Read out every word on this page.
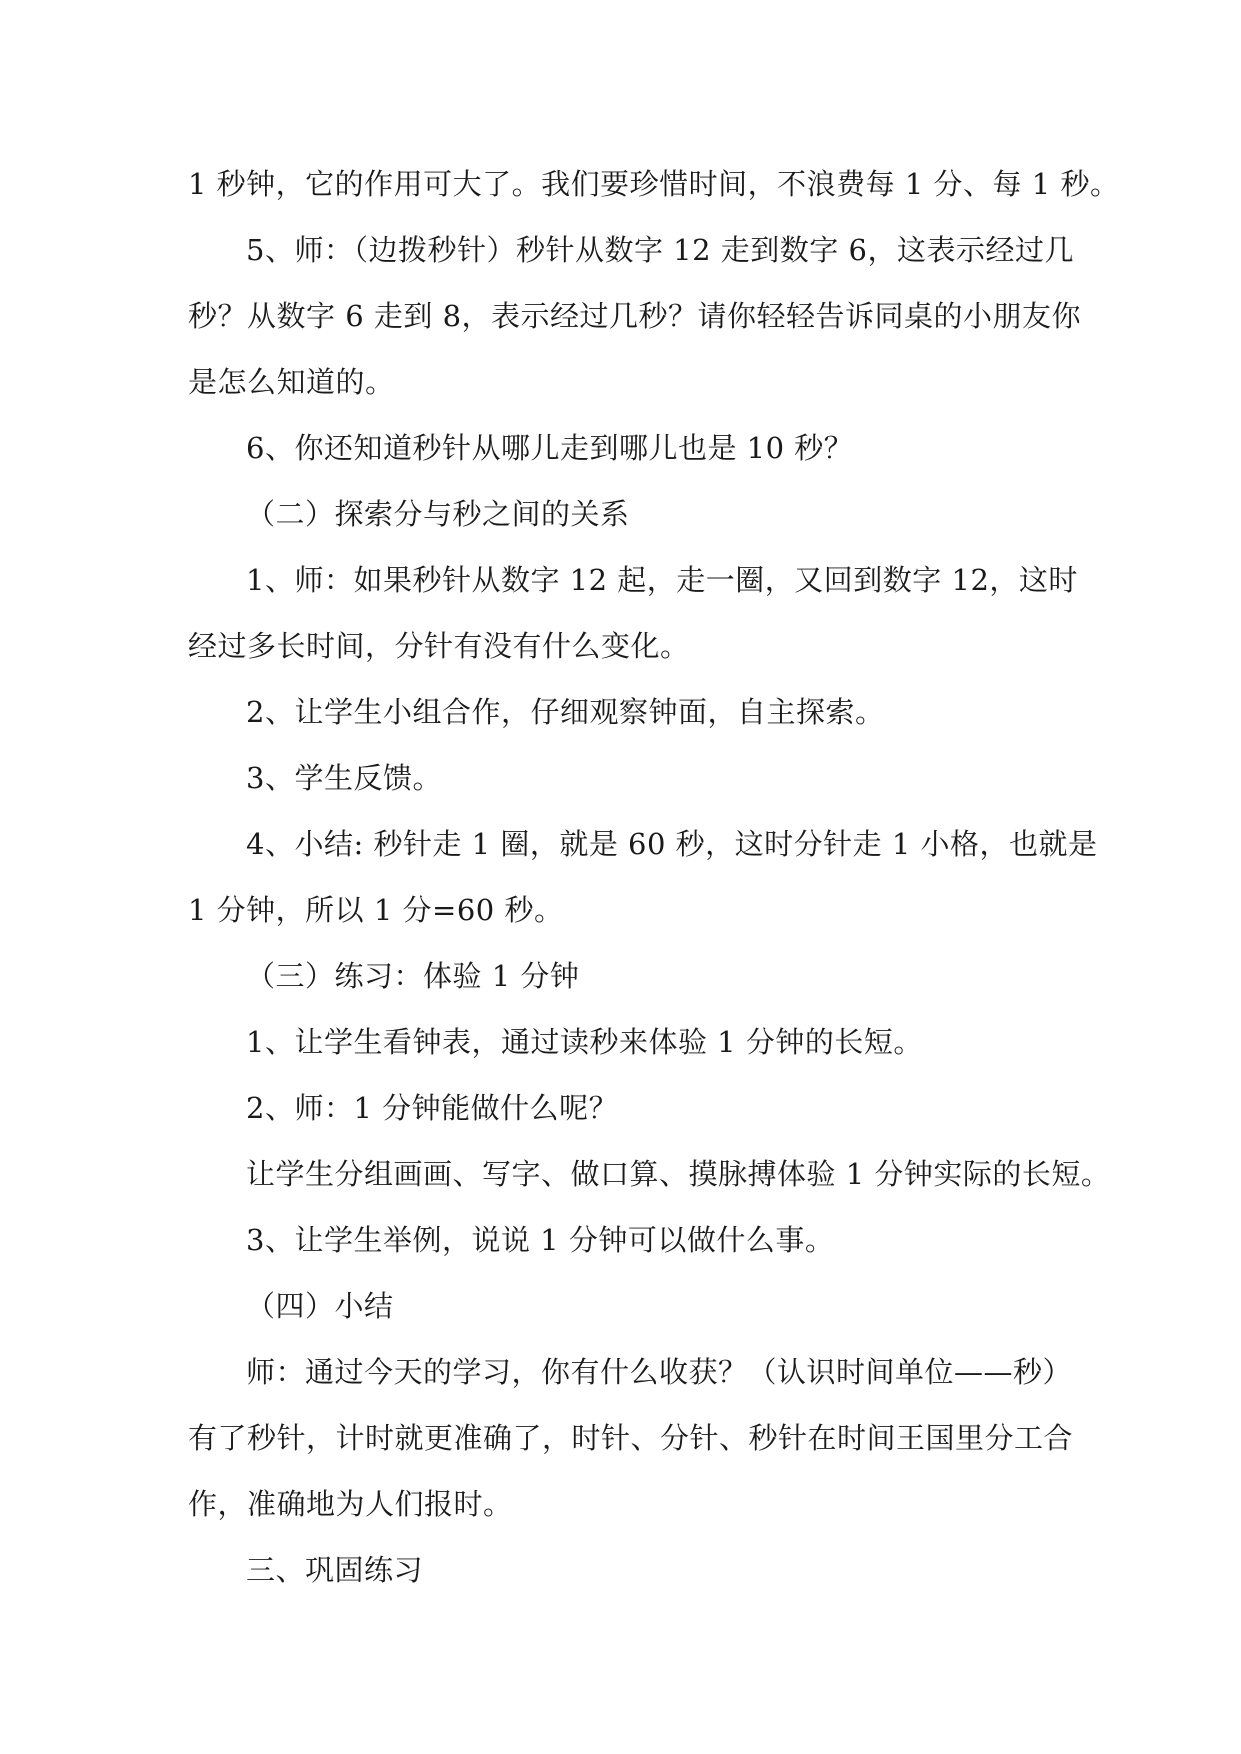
1 秒钟，它的作用可大了。我们要珍惜时间，不浪费每 1 分、每 1 秒。
5、师：（边拨秒针）秒针从数字 12 走到数字 6，这表示经过几
秒？从数字 6 走到 8，表示经过几秒？请你轻轻告诉同桌的小朋友你
是怎么知道的。
6、你还知道秒针从哪儿走到哪儿也是 10 秒？
（二）探索分与秒之间的关系
1、师：如果秒针从数字 12 起，走一圈，又回到数字 12，这时
经过多长时间，分针有没有什么变化。
2、让学生小组合作，仔细观察钟面，自主探索。
3、学生反馈。
4、小结: 秒针走 1 圈，就是 60 秒，这时分针走 1 小格，也就是
1 分钟，所以 1 分=60 秒。
（三）练习：体验 1 分钟
1、让学生看钟表，通过读秒来体验 1 分钟的长短。
2、师：1 分钟能做什么呢？
让学生分组画画、写字、做口算、摸脉搏体验 1 分钟实际的长短。
3、让学生举例，说说 1 分钟可以做什么事。
（四）小结
师：通过今天的学习，你有什么收获？（认识时间单位——秒）
有了秒针，计时就更准确了，时针、分针、秒针在时间王国里分工合
作，准确地为人们报时。
三、巩固练习
